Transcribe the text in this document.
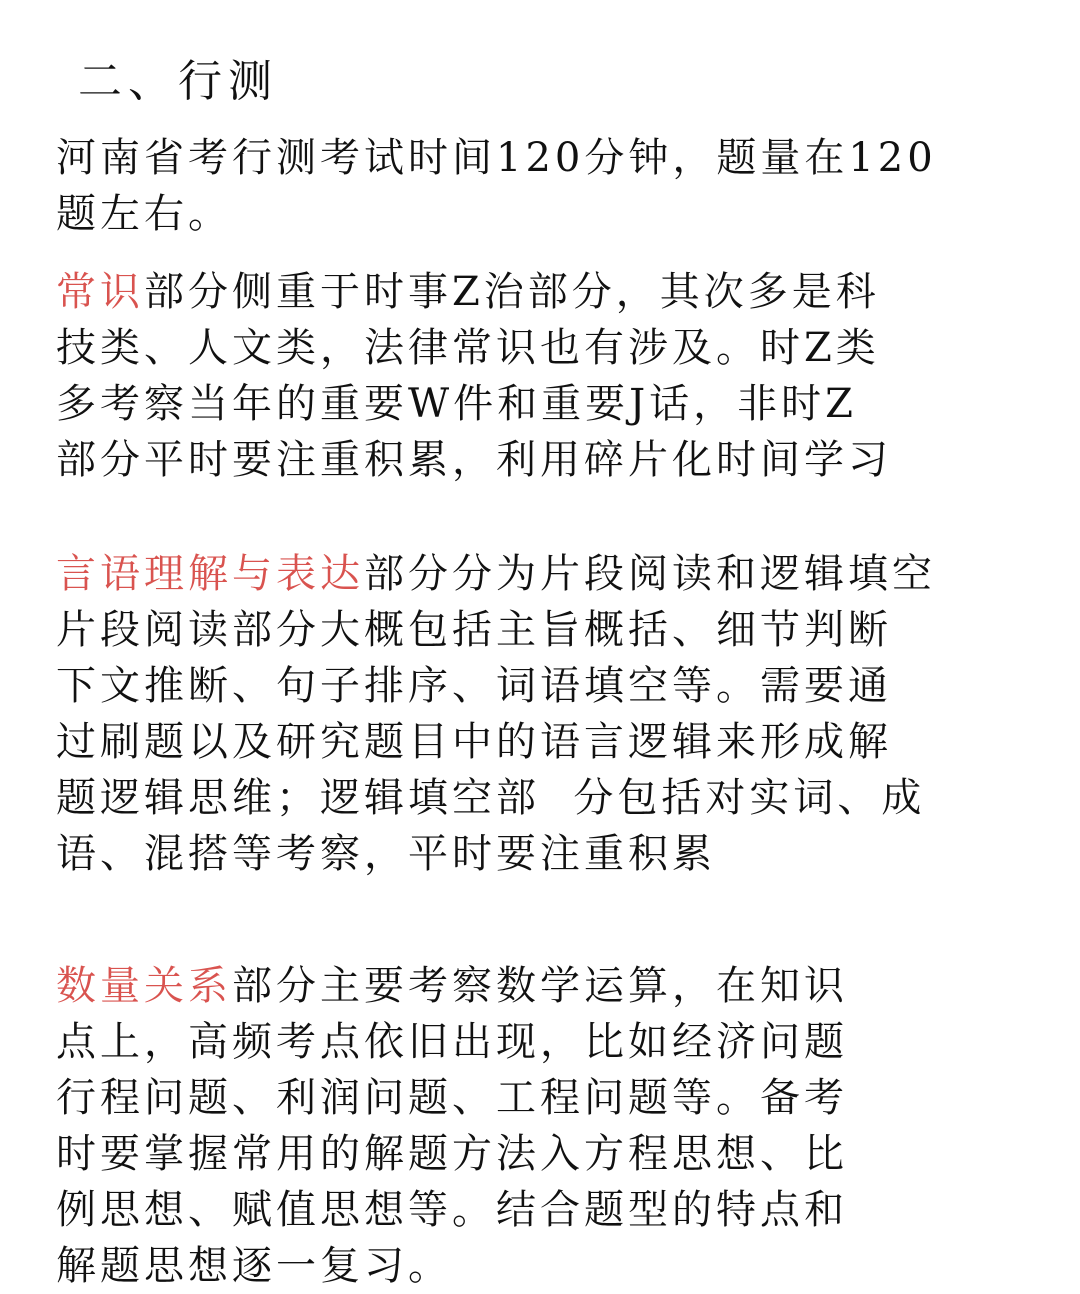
二、行测
河南省考行测考试时间120分钟，题量在120
题左右。
常识部分侧重于时事Z治部分，其次多是科
技类、人文类，法律常识也有涉及。时Z类
多考察当年的重要W件和重要J话，非时Z
部分平时要注重积累，利用碎片化时间学习
言语理解与表达部分分为片段阅读和逻辑填空
片段阅读部分大概包括主旨概括、细节判断
下文推断、句子排序、词语填空等。需要通
过刷题以及研究题目中的语言逻辑来形成解
题逻辑思维；逻辑填空部  分包括对实词、成
语、混搭等考察，平时要注重积累
数量关系部分主要考察数学运算，在知识
点上，高频考点依旧出现，比如经济问题
行程问题、利润问题、工程问题等。备考
时要掌握常用的解题方法入方程思想、比
例思想、赋值思想等。结合题型的特点和
解题思想逐一复习。
